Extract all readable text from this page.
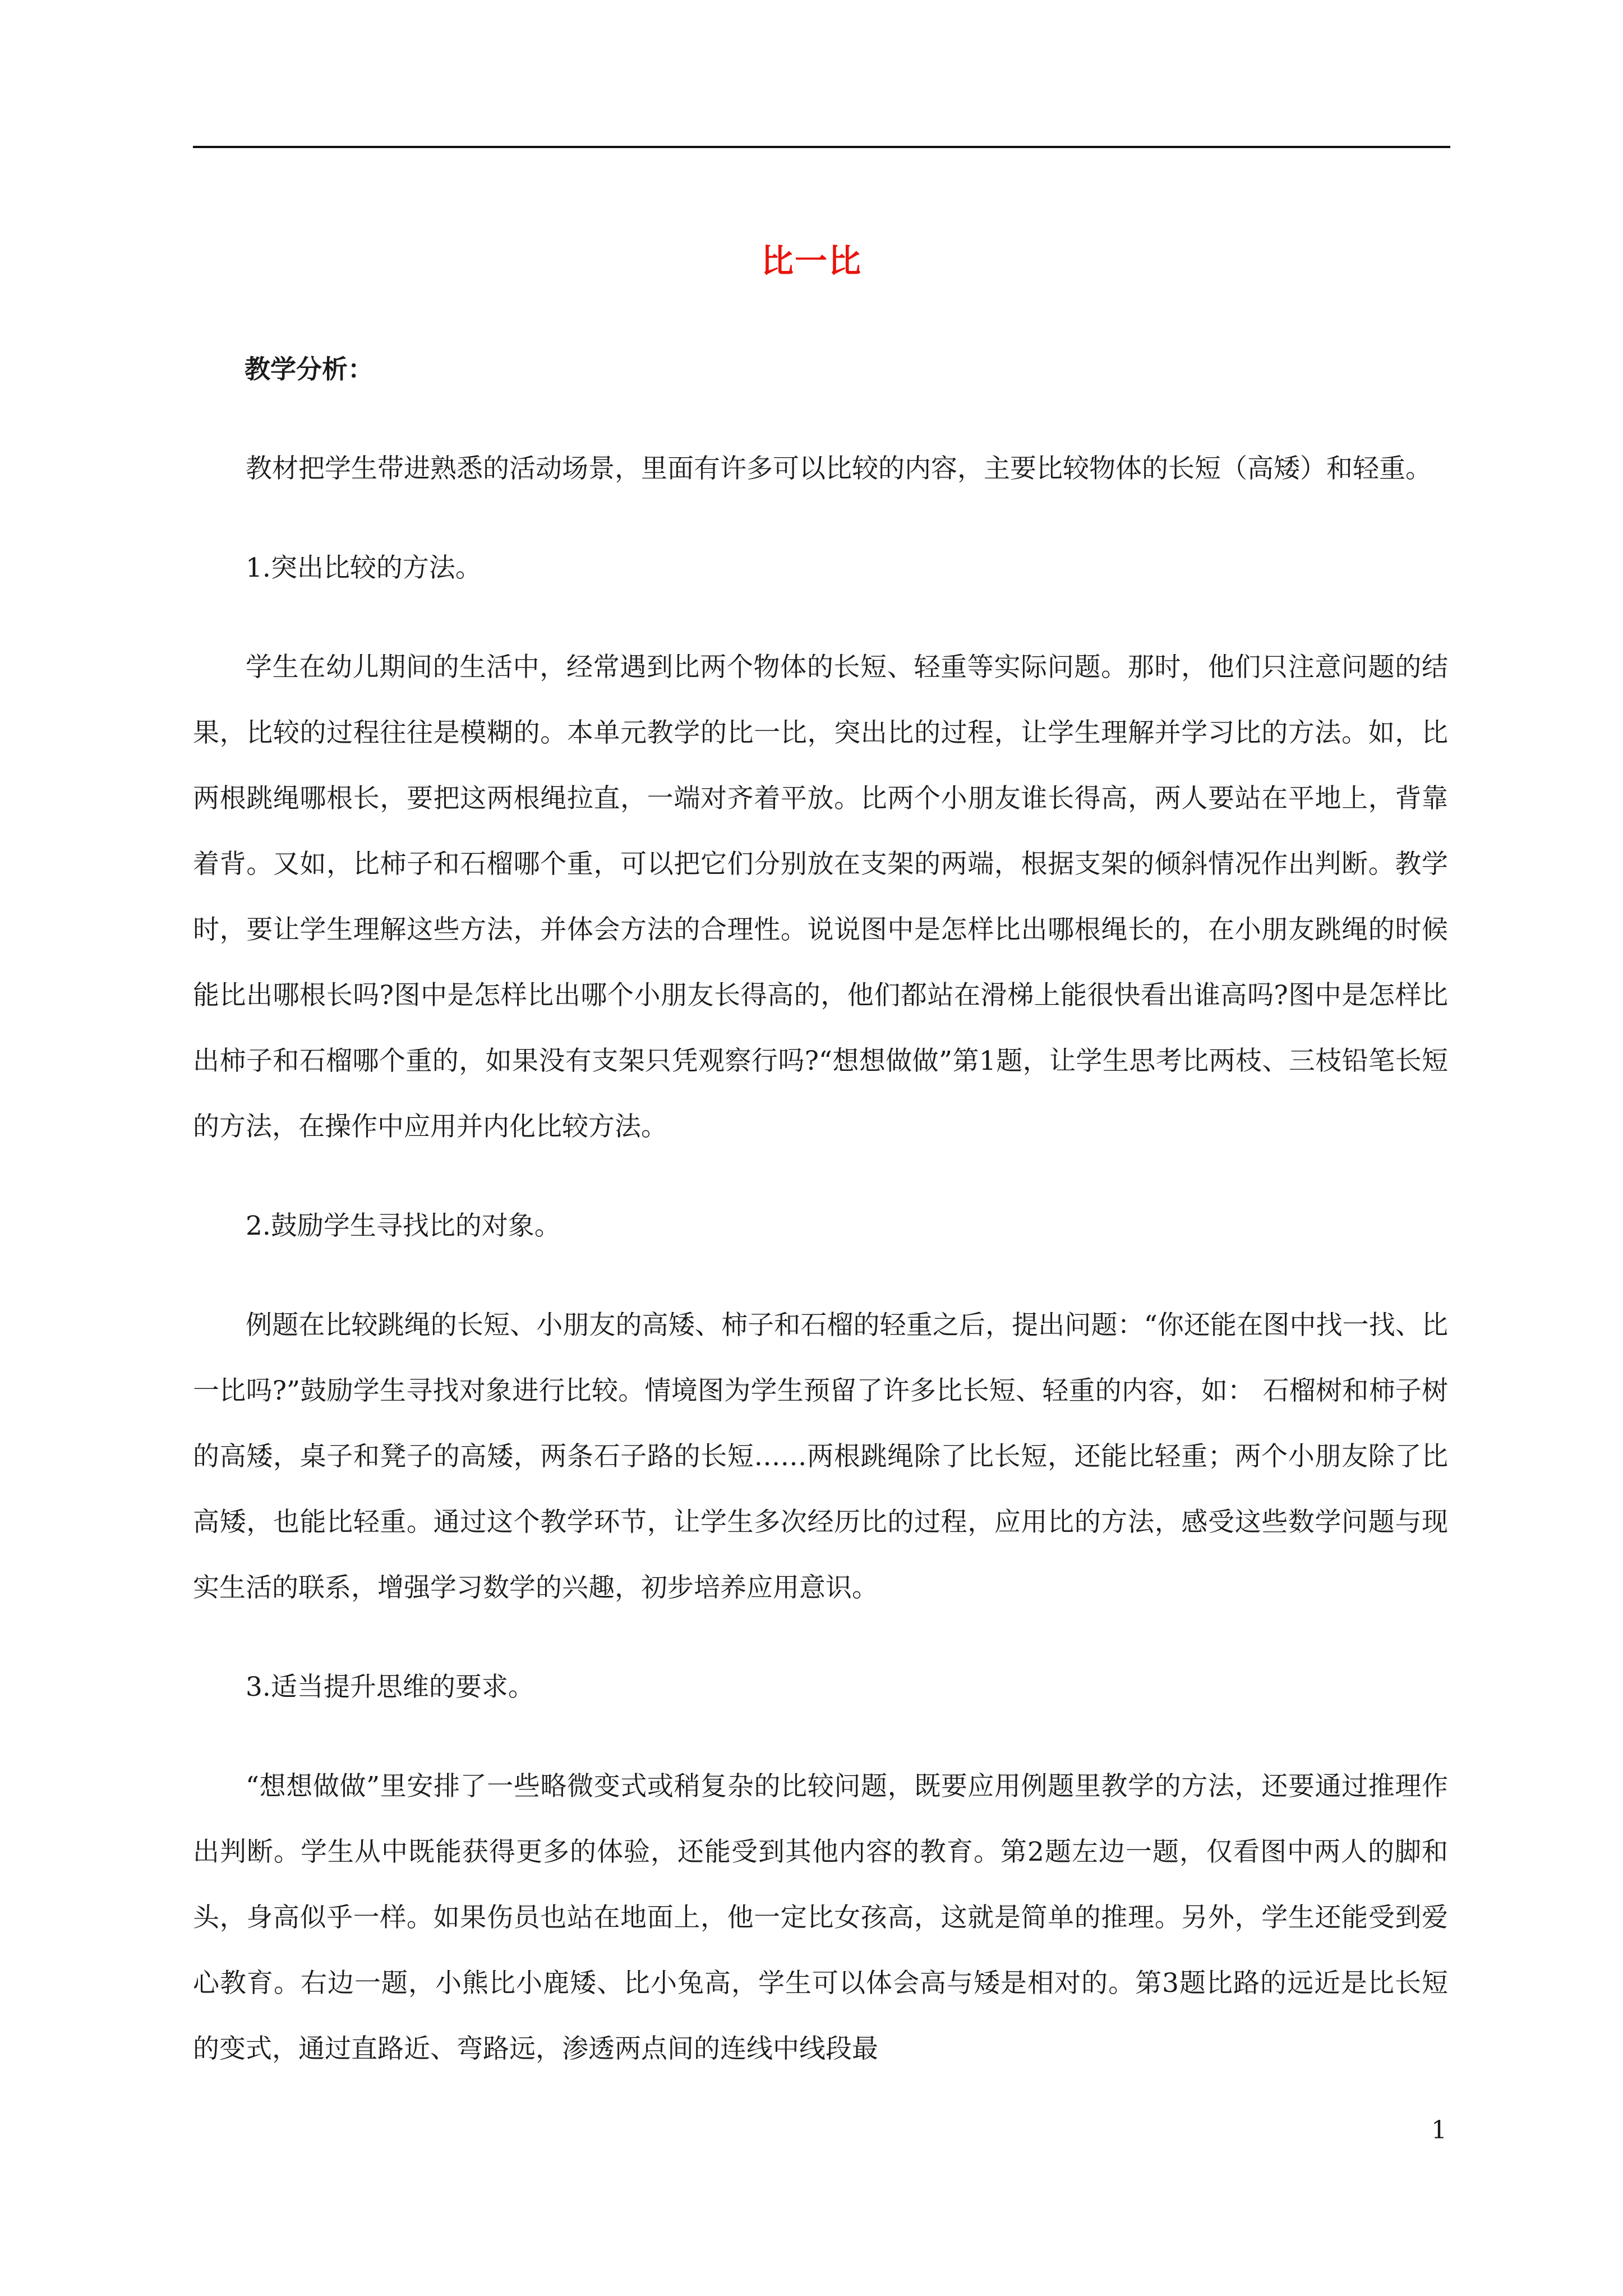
比一比

教学分析：

教材把学生带进熟悉的活动场景，里面有许多可以比较的内容，主要比较物体的长短（高矮）和轻重。

1.突出比较的方法。

学生在幼儿期间的生活中，经常遇到比两个物体的长短、轻重等实际问题。那时，他们只注意问题的结果，比较的过程往往是模糊的。本单元教学的比一比，突出比的过程，让学生理解并学习比的方法。如，比两根跳绳哪根长，要把这两根绳拉直，一端对齐着平放。比两个小朋友谁长得高，两人要站在平地上，背靠着背。又如，比柿子和石榴哪个重，可以把它们分别放在支架的两端，根据支架的倾斜情况作出判断。教学时，要让学生理解这些方法，并体会方法的合理性。说说图中是怎样比出哪根绳长的，在小朋友跳绳的时候能比出哪根长吗?图中是怎样比出哪个小朋友长得高的，他们都站在滑梯上能很快看出谁高吗?图中是怎样比出柿子和石榴哪个重的，如果没有支架只凭观察行吗?“想想做做”第1题，让学生思考比两枝、三枝铅笔长短的方法，在操作中应用并内化比较方法。

2.鼓励学生寻找比的对象。

例题在比较跳绳的长短、小朋友的高矮、柿子和石榴的轻重之后，提出问题：“你还能在图中找一找、比一比吗?”鼓励学生寻找对象进行比较。情境图为学生预留了许多比长短、轻重的内容，如： 石榴树和柿子树的高矮，桌子和凳子的高矮，两条石子路的长短……两根跳绳除了比长短，还能比轻重；两个小朋友除了比高矮，也能比轻重。通过这个教学环节，让学生多次经历比的过程，应用比的方法，感受这些数学问题与现实生活的联系，增强学习数学的兴趣，初步培养应用意识。

3.适当提升思维的要求。

“想想做做”里安排了一些略微变式或稍复杂的比较问题，既要应用例题里教学的方法，还要通过推理作出判断。学生从中既能获得更多的体验，还能受到其他内容的教育。第2题左边一题，仅看图中两人的脚和头，身高似乎一样。如果伤员也站在地面上，他一定比女孩高，这就是简单的推理。另外，学生还能受到爱心教育。右边一题，小熊比小鹿矮、比小兔高，学生可以体会高与矮是相对的。第3题比路的远近是比长短的变式，通过直路近、弯路远，渗透两点间的连线中线段最

1
